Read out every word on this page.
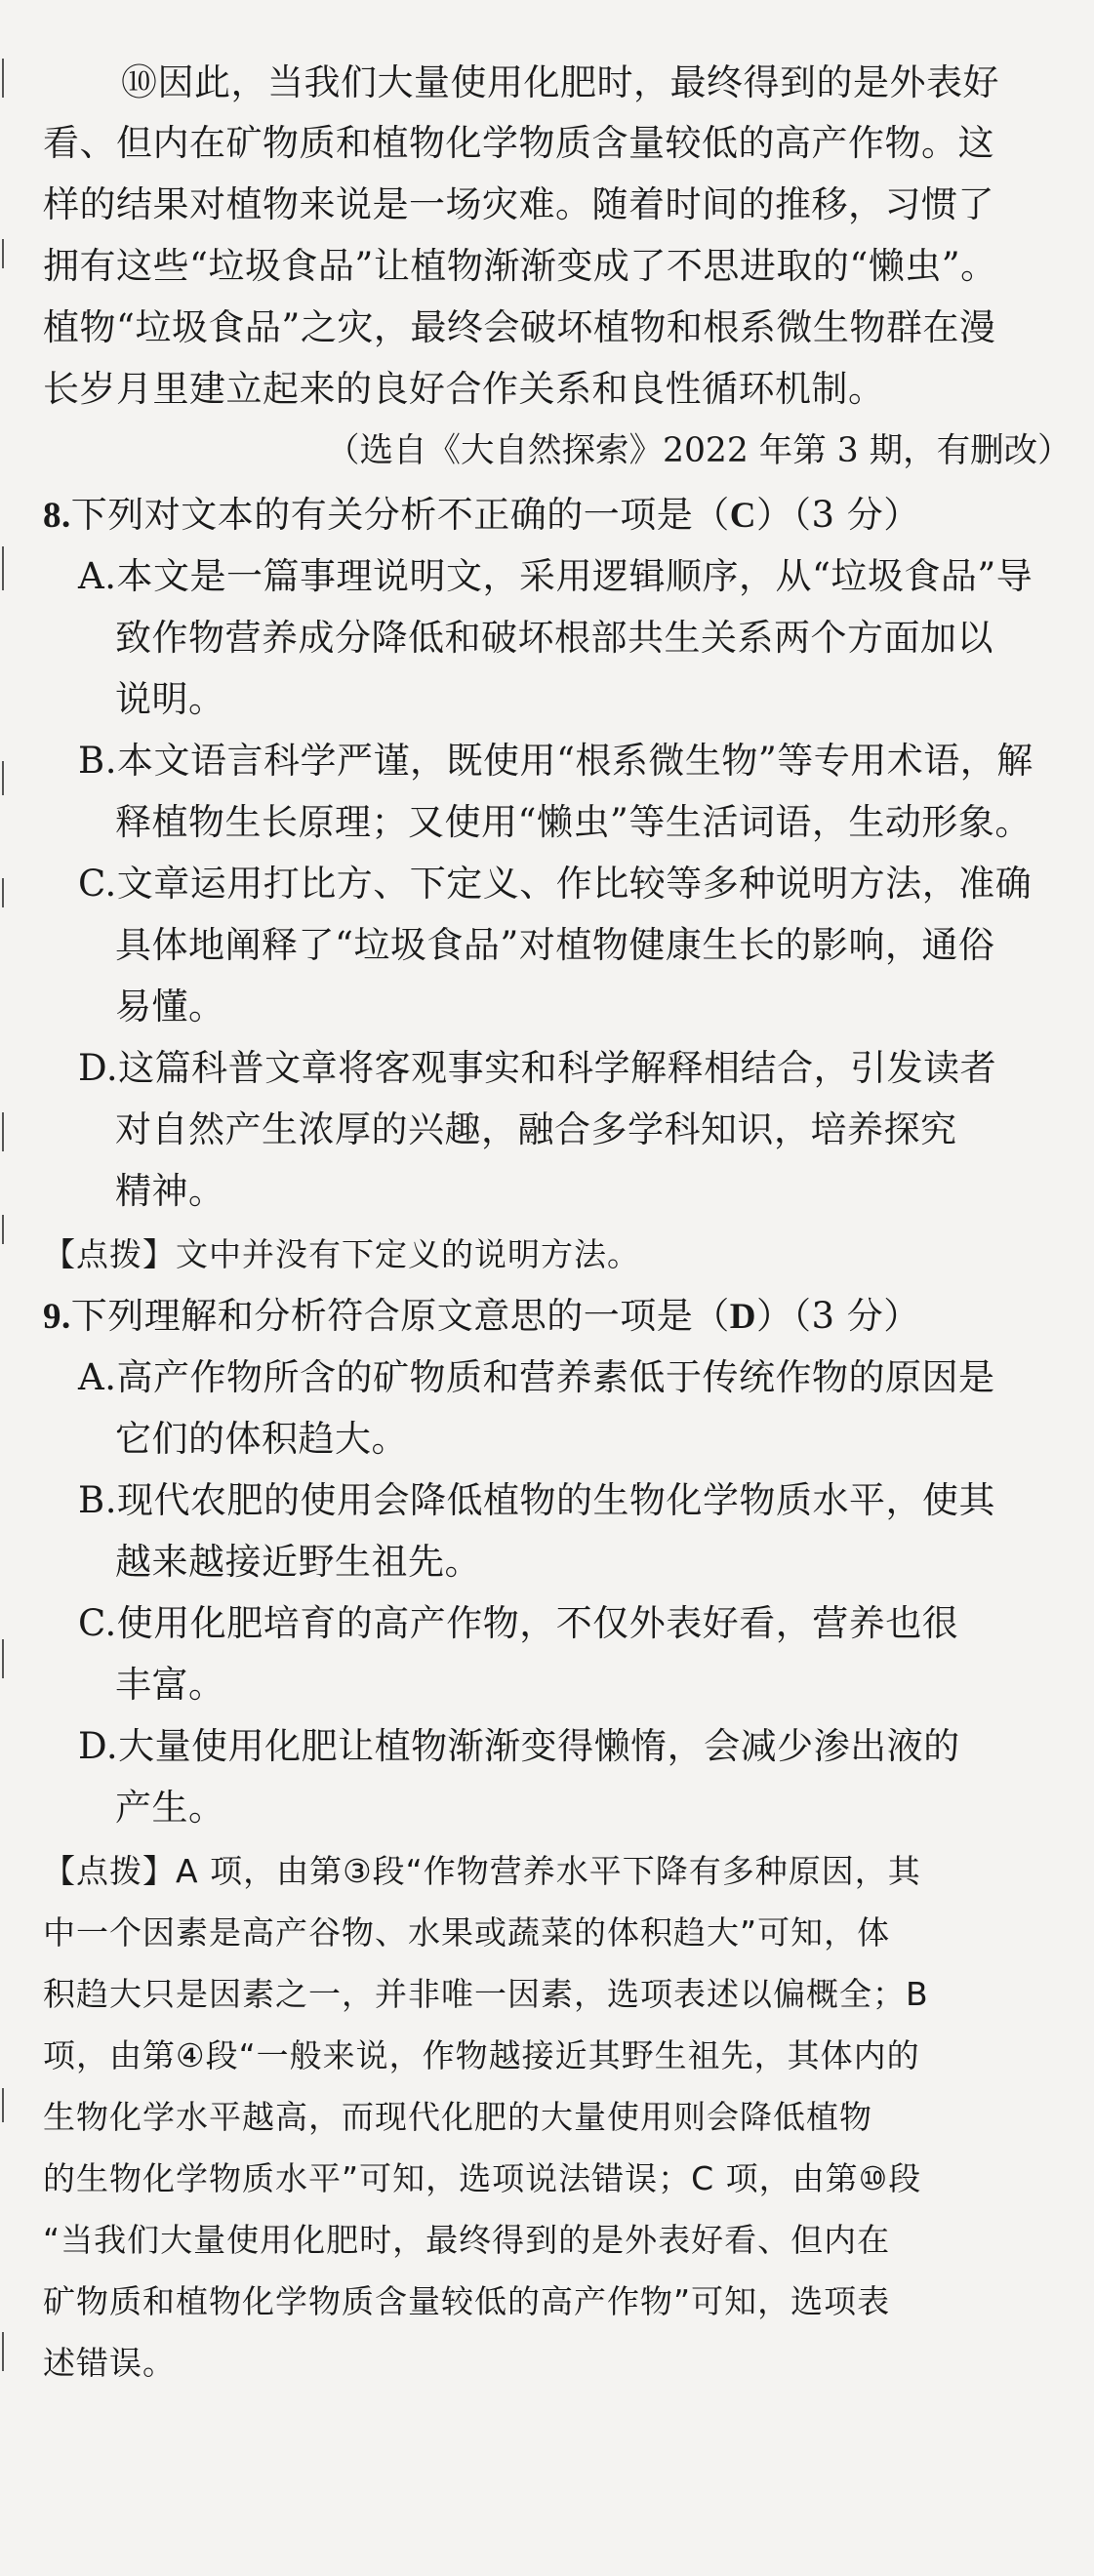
⑩因此，当我们大量使用化肥时，最终得到的是外表好
看、但内在矿物质和植物化学物质含量较低的高产作物。这
样的结果对植物来说是一场灾难。随着时间的推移，习惯了
拥有这些“垃圾食品”让植物渐渐变成了不思进取的“懒虫”。
植物“垃圾食品”之灾，最终会破坏植物和根系微生物群在漫
长岁月里建立起来的良好合作关系和良性循环机制。
（选自《大自然探索》2022 年第 3 期，有删改）
8.下列对文本的有关分析不正确的一项是（C）（3 分）
A.本文是一篇事理说明文，采用逻辑顺序，从“垃圾食品”导
致作物营养成分降低和破坏根部共生关系两个方面加以
说明。
B.本文语言科学严谨，既使用“根系微生物”等专用术语，解
释植物生长原理；又使用“懒虫”等生活词语，生动形象。
C.文章运用打比方、下定义、作比较等多种说明方法，准确
具体地阐释了“垃圾食品”对植物健康生长的影响，通俗
易懂。
D.这篇科普文章将客观事实和科学解释相结合，引发读者
对自然产生浓厚的兴趣，融合多学科知识，培养探究
精神。
【点拨】文中并没有下定义的说明方法。
9.下列理解和分析符合原文意思的一项是（D）（3 分）
A.高产作物所含的矿物质和营养素低于传统作物的原因是
它们的体积趋大。
B.现代农肥的使用会降低植物的生物化学物质水平，使其
越来越接近野生祖先。
C.使用化肥培育的高产作物，不仅外表好看，营养也很
丰富。
D.大量使用化肥让植物渐渐变得懒惰，会减少渗出液的
产生。
【点拨】A 项，由第③段“作物营养水平下降有多种原因，其
中一个因素是高产谷物、水果或蔬菜的体积趋大”可知，体
积趋大只是因素之一，并非唯一因素，选项表述以偏概全；B
项，由第④段“一般来说，作物越接近其野生祖先，其体内的
生物化学水平越高，而现代化肥的大量使用则会降低植物
的生物化学物质水平”可知，选项说法错误；C 项，由第⑩段
“当我们大量使用化肥时，最终得到的是外表好看、但内在
矿物质和植物化学物质含量较低的高产作物”可知，选项表
述错误。
